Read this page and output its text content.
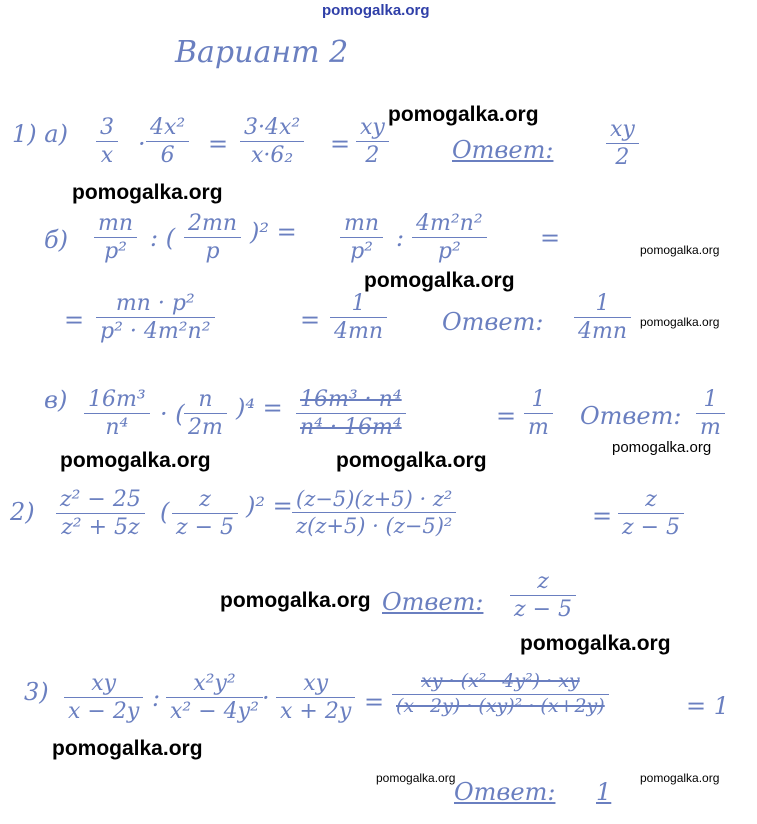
pomogalka.org
Вариант 2
1) а) 3
x ·
4x²
6 =
3·4x²
x·6₂ =
xy
2	Ответ:
xy
2
б)
mn
p² : (
2mn
p
)² = mn
p² :
4m²n²
p²	=
=
mn · p²
p² · 4m²n²	=
1
4mn Ответ:
1
4mn
в) 16m³
n⁴ · (
n
2m
)⁴ = 16m³ · n⁴
n⁴ · 16m⁴	=
1
m Ответ:
1
m
2) z² − 25
z² + 5z
( z
z − 5
)² = (z−5)(z+5) · z²
z(z+5) · (z−5)²	=
z
z − 5
Ответ:
z
z − 5
3) xy
x − 2y :
x²y²
x² − 4y² ·
xy
x + 2y =
xy · (x²−4y²) · xy
(x−2y) · (xy)² · (x+2y)	= 1
Ответ: 1
pomogalka.org
pomogalka.org
pomogalka.org
pomogalka.org
pomogalka.org
pomogalka.org
pomogalka.org	pomogalka.org
pomogalka.org
pomogalka.org
pomogalka.org
pomogalka.org	pomogalka.org
